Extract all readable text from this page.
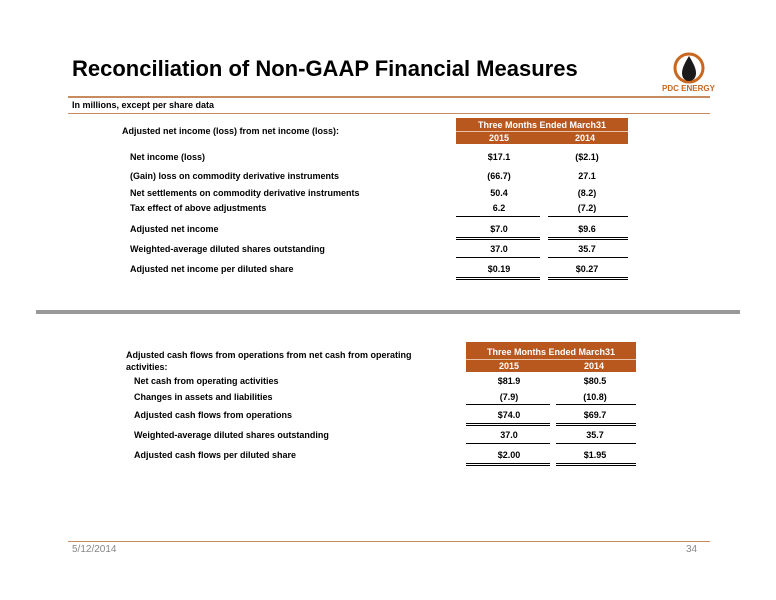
Reconciliation of Non-GAAP Financial Measures
PDC ENERGY
In millions, except per share data
Adjusted net income (loss) from net income (loss):
Three Months Ended March31
2015	2014
Net income (loss)	$17.1	($2.1)
(Gain) loss on commodity derivative instruments	(66.7)	27.1
Net settlements on commodity derivative instruments	50.4	(8.2)
Tax effect of above adjustments	6.2	(7.2)
Adjusted net income	$7.0	$9.6
Weighted-average diluted shares outstanding	37.0	35.7
Adjusted net income per diluted share	$0.19	$0.27
Adjusted cash flows from operations from net cash from operating
activities:
Three Months Ended March31
2015	2014
Net cash from operating activities	$81.9	$80.5
Changes in assets and liabilities	(7.9)	(10.8)
Adjusted cash flows from operations	$74.0	$69.7
Weighted-average diluted shares outstanding	37.0	35.7
Adjusted cash flows per diluted share	$2.00	$1.95
5/12/2014	34
